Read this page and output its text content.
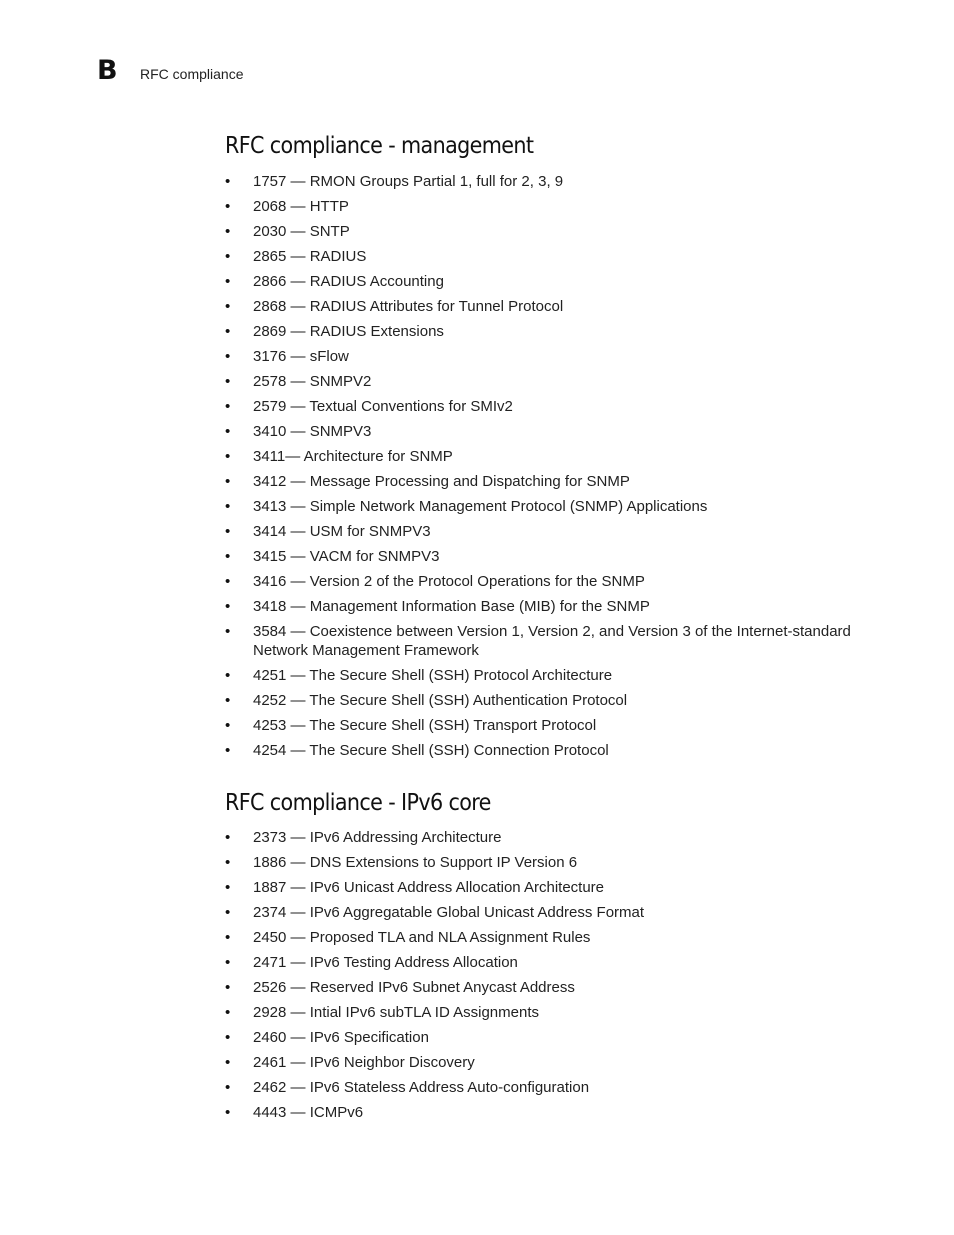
B RFC compliance
RFC compliance - management
• 1757 — RMON Groups Partial 1, full for 2, 3, 9
• 2068 — HTTP
• 2030 — SNTP
• 2865 — RADIUS
• 2866 — RADIUS Accounting
• 2868 — RADIUS Attributes for Tunnel Protocol
• 2869 — RADIUS Extensions
• 3176 — sFlow
• 2578 — SNMPV2
• 2579 — Textual Conventions for SMIv2
• 3410 — SNMPV3
• 3411— Architecture for SNMP
• 3412 — Message Processing and Dispatching for SNMP
• 3413 — Simple Network Management Protocol (SNMP) Applications
• 3414 — USM for SNMPV3
• 3415 — VACM for SNMPV3
• 3416 — Version 2 of the Protocol Operations for the SNMP
• 3418 — Management Information Base (MIB) for the SNMP
• 3584 — Coexistence between Version 1, Version 2, and Version 3 of the Internet-standard Network Management Framework
• 4251 — The Secure Shell (SSH) Protocol Architecture
• 4252 — The Secure Shell (SSH) Authentication Protocol
• 4253 — The Secure Shell (SSH) Transport Protocol
• 4254 — The Secure Shell (SSH) Connection Protocol
RFC compliance - IPv6 core
• 2373 — IPv6 Addressing Architecture
• 1886 — DNS Extensions to Support IP Version 6
• 1887 — IPv6 Unicast Address Allocation Architecture
• 2374 — IPv6 Aggregatable Global Unicast Address Format
• 2450 — Proposed TLA and NLA Assignment Rules
• 2471 — IPv6 Testing Address Allocation
• 2526 — Reserved IPv6 Subnet Anycast Address
• 2928 — Intial IPv6 subTLA ID Assignments
• 2460 — IPv6 Specification
• 2461 — IPv6 Neighbor Discovery
• 2462 — IPv6 Stateless Address Auto-configuration
• 4443 — ICMPv6
